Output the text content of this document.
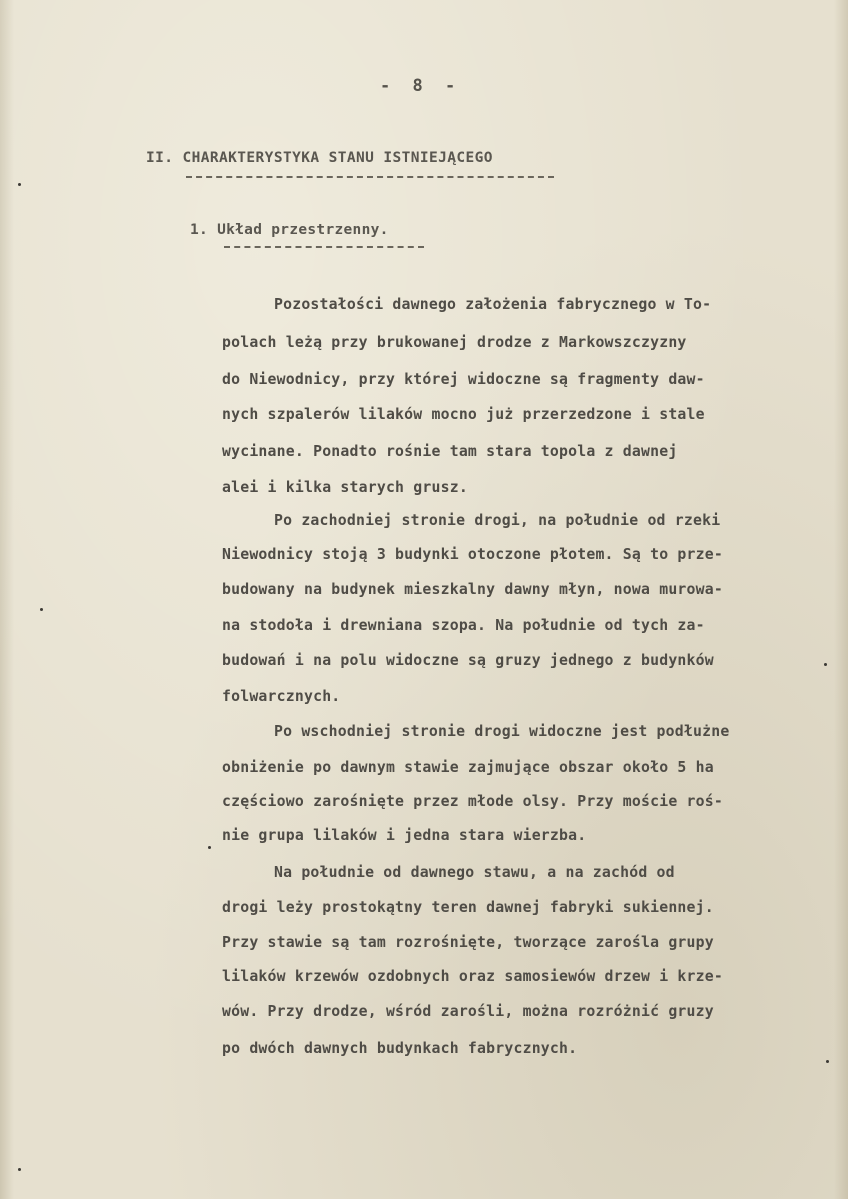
- 8 -
II. CHARAKTERYSTYKA STANU ISTNIEJĄCEGO
1. Układ przestrzenny.
Pozostałości dawnego założenia fabrycznego w To-
polach leżą przy brukowanej drodze z Markowszczyzny
do Niewodnicy, przy której widoczne są fragmenty daw-
nych szpalerów lilaków mocno już przerzedzone i stale
wycinane. Ponadto rośnie tam stara topola z dawnej
alei i kilka starych grusz.
Po zachodniej stronie drogi, na południe od rzeki
Niewodnicy stoją 3 budynki otoczone płotem. Są to prze-
budowany na budynek mieszkalny dawny młyn, nowa murowa-
na stodoła i drewniana szopa. Na południe od tych za-
budowań i na polu widoczne są gruzy jednego z budynków
folwarcznych.
Po wschodniej stronie drogi widoczne jest podłużne
obniżenie po dawnym stawie zajmujące obszar około 5 ha
częściowo zarośnięte przez młode olsy. Przy moście roś-
nie grupa lilaków i jedna stara wierzba.
Na południe od dawnego stawu, a na zachód od
drogi leży prostokątny teren dawnej fabryki sukiennej.
Przy stawie są tam rozrośnięte, tworzące zarośla grupy
lilaków krzewów ozdobnych oraz samosiewów drzew i krze-
wów. Przy drodze, wśród zarośli, można rozróżnić gruzy
po dwóch dawnych budynkach fabrycznych.
